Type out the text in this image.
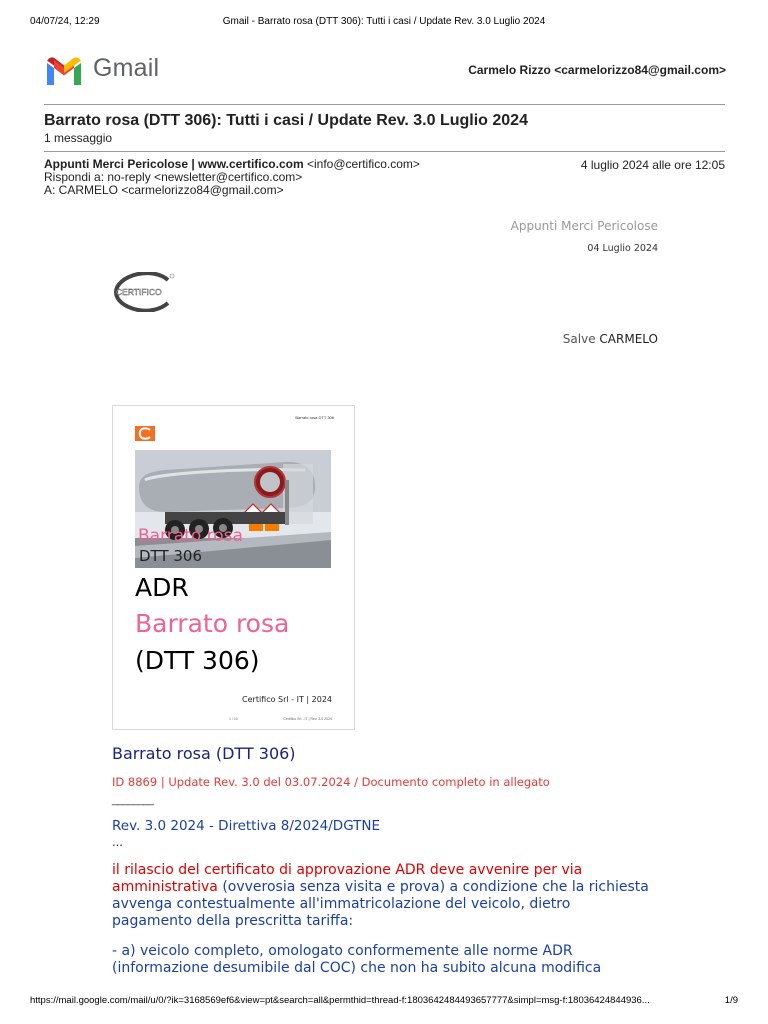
04/07/24, 12:29	Gmail - Barrato rosa (DTT 306): Tutti i casi / Update Rev. 3.0 Luglio 2024
Gmail	Carmelo Rizzo <carmelorizzo84@gmail.com>
Barrato rosa (DTT 306): Tutti i casi / Update Rev. 3.0 Luglio 2024
1 messaggio
Appunti Merci Pericolose | www.certifico.com <info@certifico.com>	4 luglio 2024 alle ore 12:05
Rispondi a: no-reply <newsletter@certifico.com>
A: CARMELO <carmelorizzo84@gmail.com>
Appunti Merci Pericolose
04 Luglio 2024
CERTIFICO
Salve CARMELO
Barrato rosa DTT 306
Barrato rosa
DTT 306
ADR
Barrato rosa
(DTT 306)
Certifico Srl - IT | 2024
1 / 10	Certifico Srl - IT | Rev. 3.0 2024
Barrato rosa (DTT 306)
ID 8869 | Update Rev. 3.0 del 03.07.2024 / Documento completo in allegato
________
Rev. 3.0 2024 - Direttiva 8/2024/DGTNE
...
il rilascio del certificato di approvazione ADR deve avvenire per via amministrativa (ovverosia senza visita e prova) a condizione che la richiesta avvenga contestualmente all'immatricolazione del veicolo, dietro pagamento della prescritta tariffa:
- a) veicolo completo, omologato conformemente alle norme ADR (informazione desumibile dal COC) che non ha subito alcuna modifica
https://mail.google.com/mail/u/0/?ik=3168569ef6&view=pt&search=all&permthid=thread-f:1803642484493657777&simpl=msg-f:18036424844936...	1/9
